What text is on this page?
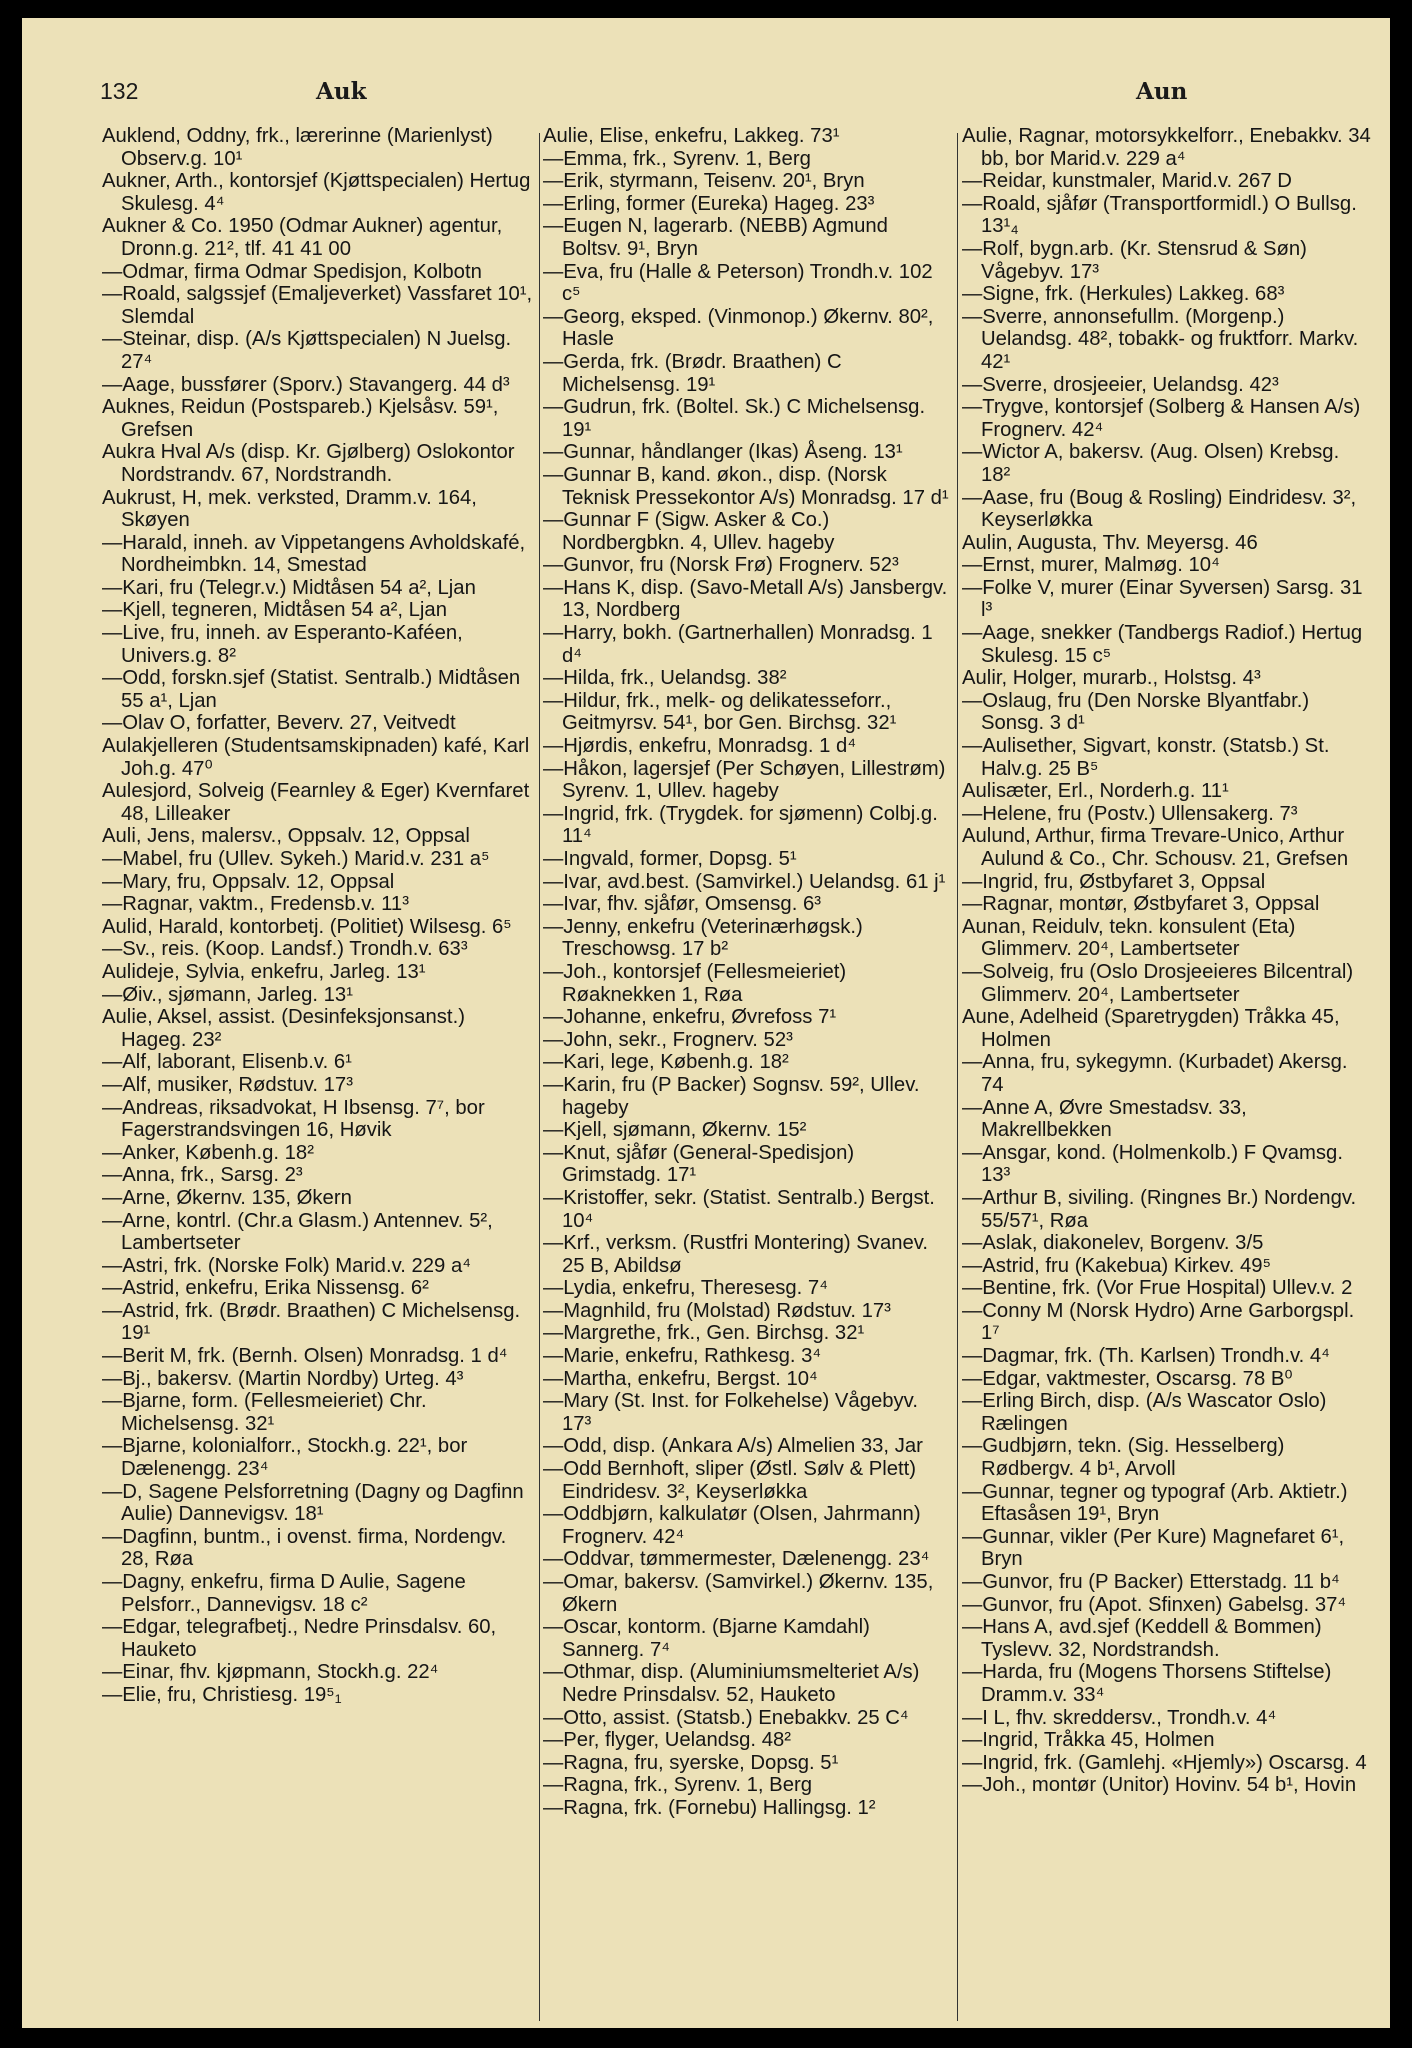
132	Auk	Aun
Auklend, Oddny, frk., lærerinne (Marienlyst) Observ.g. 10¹
Aukner, Arth., kontorsjef (Kjøttspecialen) Hertug Skulesg. 4⁴
Aukner & Co. 1950 (Odmar Aukner) agentur, Dronn.g. 21², tlf. 41 41 00
—Odmar, firma Odmar Spedisjon, Kolbotn
—Roald, salgssjef (Emaljeverket) Vassfaret 10¹, Slemdal
—Steinar, disp. (A/s Kjøttspecialen) N Juelsg. 27⁴
—Aage, bussfører (Sporv.) Stavangerg. 44 d³
Auknes, Reidun (Postspareb.) Kjelsåsv. 59¹, Grefsen
Aukra Hval A/s (disp. Kr. Gjølberg) Oslokontor Nordstrandv. 67, Nordstrandh.
Aukrust, H, mek. verksted, Dramm.v. 164, Skøyen
—Harald, inneh. av Vippetangens Avholdskafé, Nordheimbkn. 14, Smestad
—Kari, fru (Telegr.v.) Midtåsen 54 a², Ljan
—Kjell, tegneren, Midtåsen 54 a², Ljan
—Live, fru, inneh. av Esperanto-Kaféen, Univers.g. 8²
—Odd, forskn.sjef (Statist. Sentralb.) Midtåsen 55 a¹, Ljan
—Olav O, forfatter, Beverv. 27, Veitvedt
Aulakjelleren (Studentsamskipnaden) kafé, Karl Joh.g. 47⁰
Aulesjord, Solveig (Fearnley & Eger) Kvernfaret 48, Lilleaker
Auli, Jens, malersv., Oppsalv. 12, Oppsal
—Mabel, fru (Ullev. Sykeh.) Marid.v. 231 a⁵
—Mary, fru, Oppsalv. 12, Oppsal
—Ragnar, vaktm., Fredensb.v. 11³
Aulid, Harald, kontorbetj. (Politiet) Wilsesg. 6⁵
—Sv., reis. (Koop. Landsf.) Trondh.v. 63³
Aulideje, Sylvia, enkefru, Jarleg. 13¹
—Øiv., sjømann, Jarleg. 13¹
Aulie, Aksel, assist. (Desinfeksjonsanst.) Hageg. 23²
—Alf, laborant, Elisenb.v. 6¹
—Alf, musiker, Rødstuv. 17³
—Andreas, riksadvokat, H Ibsensg. 7⁷, bor Fagerstrandsvingen 16, Høvik
—Anker, Københ.g. 18²
—Anna, frk., Sarsg. 2³
—Arne, Økernv. 135, Økern
—Arne, kontrl. (Chr.a Glasm.) Antennev. 5², Lambertseter
—Astri, frk. (Norske Folk) Marid.v. 229 a⁴
—Astrid, enkefru, Erika Nissensg. 6²
—Astrid, frk. (Brødr. Braathen) C Michelsensg. 19¹
—Berit M, frk. (Bernh. Olsen) Monradsg. 1 d⁴
—Bj., bakersv. (Martin Nordby) Urteg. 4³
—Bjarne, form. (Fellesmeieriet) Chr. Michelsensg. 32¹
—Bjarne, kolonialforr., Stockh.g. 22¹, bor Dælenengg. 23⁴
—D, Sagene Pelsforretning (Dagny og Dagfinn Aulie) Dannevigsv. 18¹
—Dagfinn, buntm., i ovenst. firma, Nordengv. 28, Røa
—Dagny, enkefru, firma D Aulie, Sagene Pelsforr., Dannevigsv. 18 c²
—Edgar, telegrafbetj., Nedre Prinsdalsv. 60, Hauketo
—Einar, fhv. kjøpmann, Stockh.g. 22⁴
—Elie, fru, Christiesg. 19⁵₁
Aulie, Elise, enkefru, Lakkeg. 73¹
—Emma, frk., Syrenv. 1, Berg
—Erik, styrmann, Teisenv. 20¹, Bryn
—Erling, former (Eureka) Hageg. 23³
—Eugen N, lagerarb. (NEBB) Agmund Boltsv. 9¹, Bryn
—Eva, fru (Halle & Peterson) Trondh.v. 102 c⁵
—Georg, eksped. (Vinmonop.) Økernv. 80², Hasle
—Gerda, frk. (Brødr. Braathen) C Michelsensg. 19¹
—Gudrun, frk. (Boltel. Sk.) C Michelsensg. 19¹
—Gunnar, håndlanger (Ikas) Åseng. 13¹
—Gunnar B, kand. økon., disp. (Norsk Teknisk Pressekontor A/s) Monradsg. 17 d¹
—Gunnar F (Sigw. Asker & Co.) Nordbergbkn. 4, Ullev. hageby
—Gunvor, fru (Norsk Frø) Frognerv. 52³
—Hans K, disp. (Savo-Metall A/s) Jansbergv. 13, Nordberg
—Harry, bokh. (Gartnerhallen) Monradsg. 1 d⁴
—Hilda, frk., Uelandsg. 38²
—Hildur, frk., melk- og delikatesseforr., Geitmyrsv. 54¹, bor Gen. Birchsg. 32¹
—Hjørdis, enkefru, Monradsg. 1 d⁴
—Håkon, lagersjef (Per Schøyen, Lillestrøm) Syrenv. 1, Ullev. hageby
—Ingrid, frk. (Trygdek. for sjømenn) Colbj.g. 11⁴
—Ingvald, former, Dopsg. 5¹
—Ivar, avd.best. (Samvirkel.) Uelandsg. 61 j¹
—Ivar, fhv. sjåfør, Omsensg. 6³
—Jenny, enkefru (Veterinærhøgsk.) Treschowsg. 17 b²
—Joh., kontorsjef (Fellesmeieriet) Røaknekken 1, Røa
—Johanne, enkefru, Øvrefoss 7¹
—John, sekr., Frognerv. 52³
—Kari, lege, Københ.g. 18²
—Karin, fru (P Backer) Sognsv. 59², Ullev. hageby
—Kjell, sjømann, Økernv. 15²
—Knut, sjåfør (General-Spedisjon) Grimstadg. 17¹
—Kristoffer, sekr. (Statist. Sentralb.) Bergst. 10⁴
—Krf., verksm. (Rustfri Montering) Svanev. 25 B, Abildsø
—Lydia, enkefru, Theresesg. 7⁴
—Magnhild, fru (Molstad) Rødstuv. 17³
—Margrethe, frk., Gen. Birchsg. 32¹
—Marie, enkefru, Rathkesg. 3⁴
—Martha, enkefru, Bergst. 10⁴
—Mary (St. Inst. for Folkehelse) Vågebyv. 17³
—Odd, disp. (Ankara A/s) Almelien 33, Jar
—Odd Bernhoft, sliper (Østl. Sølv & Plett) Eindridesv. 3², Keyserløkka
—Oddbjørn, kalkulatør (Olsen, Jahrmann) Frognerv. 42⁴
—Oddvar, tømmermester, Dælenengg. 23⁴
—Omar, bakersv. (Samvirkel.) Økernv. 135, Økern
—Oscar, kontorm. (Bjarne Kamdahl) Sannerg. 7⁴
—Othmar, disp. (Aluminiumsmelteriet A/s) Nedre Prinsdalsv. 52, Hauketo
—Otto, assist. (Statsb.) Enebakkv. 25 C⁴
—Per, flyger, Uelandsg. 48²
—Ragna, fru, syerske, Dopsg. 5¹
—Ragna, frk., Syrenv. 1, Berg
—Ragna, frk. (Fornebu) Hallingsg. 1²
Aulie, Ragnar, motorsykkelforr., Enebakkv. 34 bb, bor Marid.v. 229 a⁴
—Reidar, kunstmaler, Marid.v. 267 D
—Roald, sjåfør (Transportformidl.) O Bullsg. 13¹₄
—Rolf, bygn.arb. (Kr. Stensrud & Søn) Vågebyv. 17³
—Signe, frk. (Herkules) Lakkeg. 68³
—Sverre, annonsefullm. (Morgenp.) Uelandsg. 48², tobakk- og fruktforr. Markv. 42¹
—Sverre, drosjeeier, Uelandsg. 42³
—Trygve, kontorsjef (Solberg & Hansen A/s) Frognerv. 42⁴
—Wictor A, bakersv. (Aug. Olsen) Krebsg. 18²
—Aase, fru (Boug & Rosling) Eindridesv. 3², Keyserløkka
Aulin, Augusta, Thv. Meyersg. 46
—Ernst, murer, Malmøg. 10⁴
—Folke V, murer (Einar Syversen) Sarsg. 31 l³
—Aage, snekker (Tandbergs Radiof.) Hertug Skulesg. 15 c⁵
Aulir, Holger, murarb., Holstsg. 4³
—Oslaug, fru (Den Norske Blyantfabr.) Sonsg. 3 d¹
—Aulisether, Sigvart, konstr. (Statsb.) St. Halv.g. 25 B⁵
Aulisæter, Erl., Norderh.g. 11¹
—Helene, fru (Postv.) Ullensakerg. 7³
Aulund, Arthur, firma Trevare-Unico, Arthur Aulund & Co., Chr. Schousv. 21, Grefsen
—Ingrid, fru, Østbyfaret 3, Oppsal
—Ragnar, montør, Østbyfaret 3, Oppsal
Aunan, Reidulv, tekn. konsulent (Eta) Glimmerv. 20⁴, Lambertseter
—Solveig, fru (Oslo Drosjeeieres Bilcentral) Glimmerv. 20⁴, Lambertseter
Aune, Adelheid (Sparetrygden) Tråkka 45, Holmen
—Anna, fru, sykegymn. (Kurbadet) Akersg. 74
—Anne A, Øvre Smestadsv. 33, Makrellbekken
—Ansgar, kond. (Holmenkolb.) F Qvamsg. 13³
—Arthur B, siviling. (Ringnes Br.) Nordengv. 55/57¹, Røa
—Aslak, diakonelev, Borgenv. 3/5
—Astrid, fru (Kakebua) Kirkev. 49⁵
—Bentine, frk. (Vor Frue Hospital) Ullev.v. 2
—Conny M (Norsk Hydro) Arne Garborgspl. 1⁷
—Dagmar, frk. (Th. Karlsen) Trondh.v. 4⁴
—Edgar, vaktmester, Oscarsg. 78 B⁰
—Erling Birch, disp. (A/s Wascator Oslo) Rælingen
—Gudbjørn, tekn. (Sig. Hesselberg) Rødbergv. 4 b¹, Arvoll
—Gunnar, tegner og typograf (Arb. Aktietr.) Eftasåsen 19¹, Bryn
—Gunnar, vikler (Per Kure) Magnefaret 6¹, Bryn
—Gunvor, fru (P Backer) Etterstadg. 11 b⁴
—Gunvor, fru (Apot. Sfinxen) Gabelsg. 37⁴
—Hans A, avd.sjef (Keddell & Bommen) Tyslevv. 32, Nordstrandsh.
—Harda, fru (Mogens Thorsens Stiftelse) Dramm.v. 33⁴
—I L, fhv. skreddersv., Trondh.v. 4⁴
—Ingrid, Tråkka 45, Holmen
—Ingrid, frk. (Gamlehj. «Hjemly») Oscarsg. 4
—Joh., montør (Unitor) Hovinv. 54 b¹, Hovin
